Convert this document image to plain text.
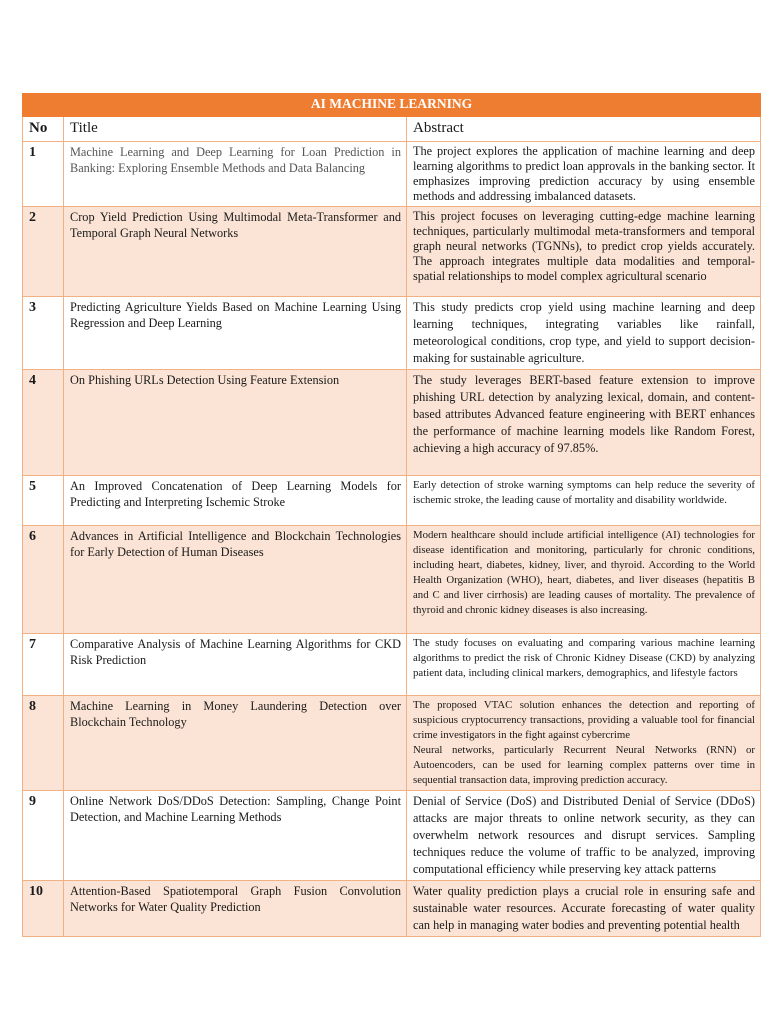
AI MACHINE LEARNING		
No	Title	Abstract
1	Machine Learning and Deep Learning for Loan Prediction in Banking: Exploring Ensemble Methods and Data Balancing	The project explores the application of machine learning and deep learning algorithms to predict loan approvals in the banking sector. It emphasizes improving prediction accuracy by using ensemble methods and addressing imbalanced datasets.
2	Crop Yield Prediction Using Multimodal Meta-Transformer and Temporal Graph Neural Networks	This project focuses on leveraging cutting-edge machine learning techniques, particularly multimodal meta-transformers and temporal graph neural networks (TGNNs), to predict crop yields accurately. The approach integrates multiple data modalities and temporal-spatial relationships to model complex agricultural scenario
3	Predicting Agriculture Yields Based on Machine Learning Using Regression and Deep Learning	This study predicts crop yield using machine learning and deep learning techniques, integrating variables like rainfall, meteorological conditions, crop type, and yield to support decision-making for sustainable agriculture.
4	On Phishing URLs Detection Using Feature Extension	The study leverages BERT-based feature extension to improve phishing URL detection by analyzing lexical, domain, and content-based attributes Advanced feature engineering with BERT enhances the performance of machine learning models like Random Forest, achieving a high accuracy of 97.85%.
5	An Improved Concatenation of Deep Learning Models for Predicting and Interpreting Ischemic Stroke	Early detection of stroke warning symptoms can help reduce the severity of ischemic stroke, the leading cause of mortality and disability worldwide.
6	Advances in Artificial Intelligence and Blockchain Technologies for Early Detection of Human Diseases	Modern healthcare should include artificial intelligence (AI) technologies for disease identification and monitoring, particularly for chronic conditions, including heart, diabetes, kidney, liver, and thyroid. According to the World Health Organization (WHO), heart, diabetes, and liver diseases (hepatitis B and C and liver cirrhosis) are leading causes of mortality. The prevalence of thyroid and chronic kidney diseases is also increasing.
7	Comparative Analysis of Machine Learning Algorithms for CKD Risk Prediction	The study focuses on evaluating and comparing various machine learning algorithms to predict the risk of Chronic Kidney Disease (CKD) by analyzing patient data, including clinical markers, demographics, and lifestyle factors
8	Machine Learning in Money Laundering Detection over Blockchain Technology	The proposed VTAC solution enhances the detection and reporting of suspicious cryptocurrency transactions, providing a valuable tool for financial crime investigators in the fight against cybercrime
Neural networks, particularly Recurrent Neural Networks (RNN) or Autoencoders, can be used for learning complex patterns over time in sequential transaction data, improving prediction accuracy.

9	Online Network DoS/DDoS Detection: Sampling, Change Point Detection, and Machine Learning Methods	Denial of Service (DoS) and Distributed Denial of Service (DDoS) attacks are major threats to online network security, as they can overwhelm network resources and disrupt services. Sampling techniques reduce the volume of traffic to be analyzed, improving computational efficiency while preserving key attack patterns
10	Attention-Based Spatiotemporal Graph Fusion Convolution Networks for Water Quality Prediction	Water quality prediction plays a crucial role in ensuring safe and sustainable water resources. Accurate forecasting of water quality can help in managing water bodies and preventing potential health
